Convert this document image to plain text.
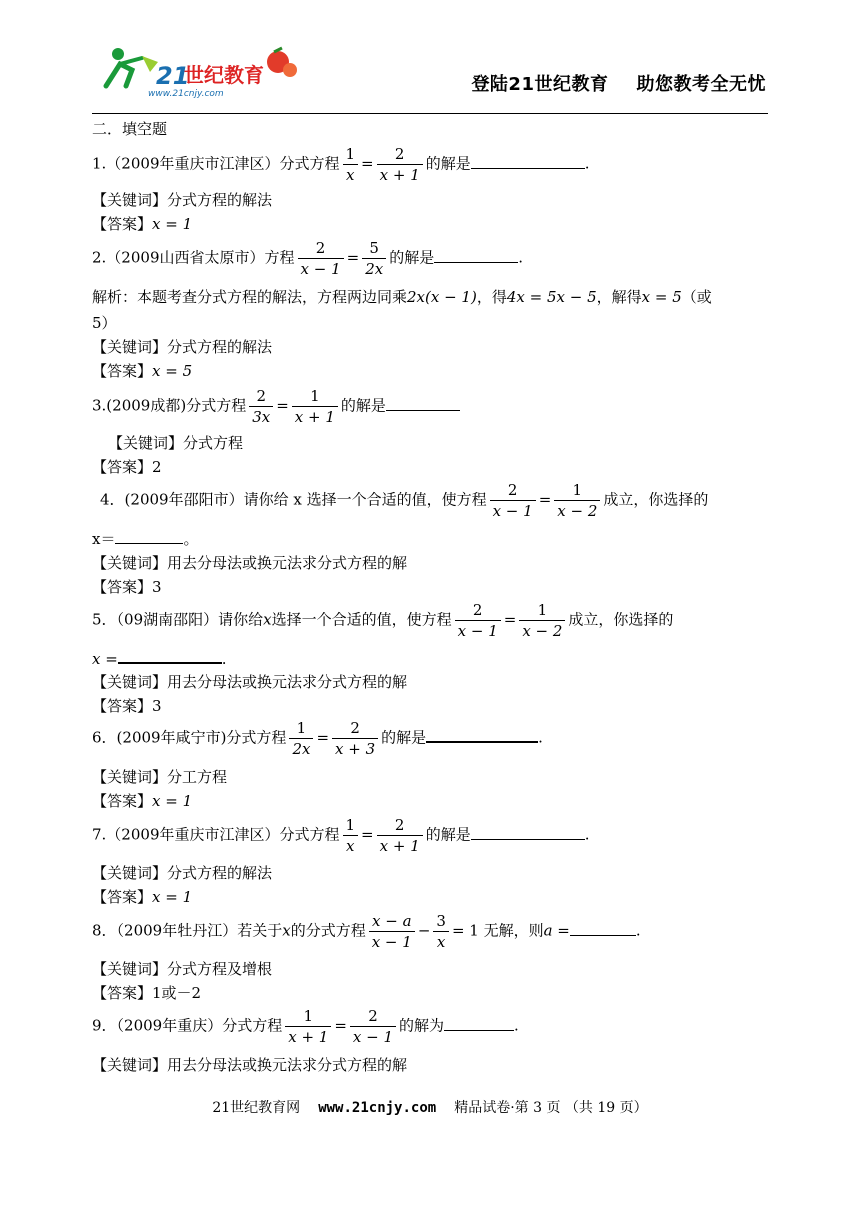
21
世纪教育
www.21cnjy.com	登陆21世纪教育 助您教考全无忧
二．填空题
1.（2009年重庆市江津区）分式方程 $\frac{1}{x} = \frac{2}{x + 1}$ 的解是	.
【关键词】分式方程的解法
【答案】x = 1
2.（2009山西省太原市）方程 $\frac{2}{x - 1} = \frac{5}{2x}$ 的解是	.
解析：本题考查分式方程的解法，方程两边同乘2x(x − 1)，得4x = 5x − 5，解得x = 5（或
5）
【关键词】分式方程的解法
【答案】x = 5
3.(2009成都)分式方程 $\frac{2}{3x} = \frac{1}{x + 1}$ 的解是
【关键词】分式方程
【答案】2
4．(2009年邵阳市）请你给 x 选择一个合适的值，使方程 $\frac{2}{x - 1} = \frac{1}{x - 2}$ 成立，你选择的
x＝	。
【关键词】用去分母法或换元法求分式方程的解
【答案】3
5．（09湖南邵阳）请你给x选择一个合适的值，使方程 $\frac{2}{x - 1} = \frac{1}{x - 2}$ 成立，你选择的
x =	.
【关键词】用去分母法或换元法求分式方程的解
【答案】3
6．(2009年咸宁市)分式方程 $\frac{1}{2x} = \frac{2}{x + 3}$ 的解是	.
【关键词】分工方程
【答案】x = 1
7.（2009年重庆市江津区）分式方程 $\frac{1}{x} = \frac{2}{x + 1}$ 的解是	.
【关键词】分式方程的解法
【答案】x = 1
8．（2009年牡丹江）若关于x的分式方程 $\frac{x - a}{x - 1} - \frac{3}{x} = 1$ 无解，则a =	.
【关键词】分式方程及增根
【答案】1或－2
9．（2009年重庆）分式方程 $\frac{1}{x + 1} = \frac{2}{x - 1}$ 的解为	.
【关键词】用去分母法或换元法求分式方程的解
21世纪教育网 www.21cnjy.com 精品试卷·第 3 页 （共 19 页）
